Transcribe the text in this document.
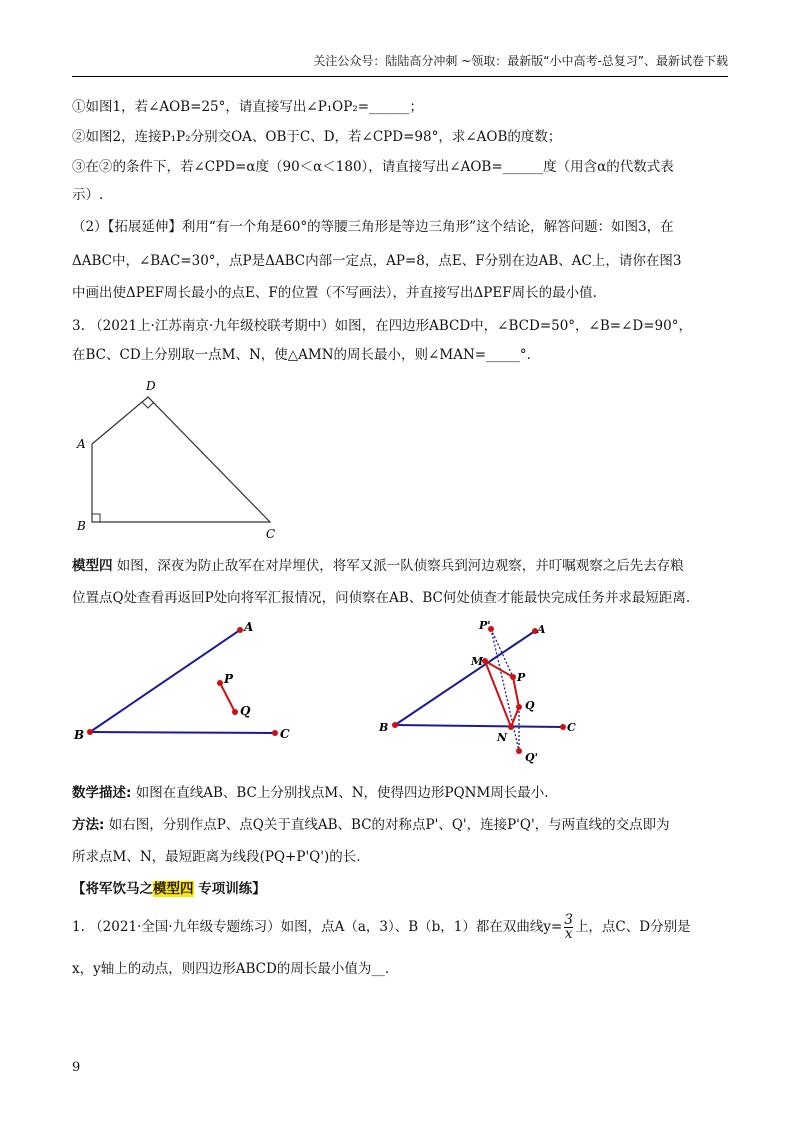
关注公众号：陆陆高分冲刺 ~领取：最新版“小中高考-总复习”、最新试卷下载
①如图1，若∠AOB=25°，请直接写出∠P₁OP₂=______；
②如图2，连接P₁P₂分别交OA、OB于C、D，若∠CPD=98°，求∠AOB的度数；
③在②的条件下，若∠CPD=α度（90＜α＜180），请直接写出∠AOB=______度（用含α的代数式表
示）.
（2）【拓展延伸】利用“有一个角是60°的等腰三角形是等边三角形”这个结论，解答问题：如图3，在
ΔABC中，∠BAC=30°，点P是ΔABC内部一定点，AP=8，点E、F分别在边AB、AC上，请你在图3
中画出使ΔPEF周长最小的点E、F的位置（不写画法），并直接写出ΔPEF周长的最小值.
3. （2021上·江苏南京·九年级校联考期中）如图，在四边形ABCD中，∠BCD=50°，∠B=∠D=90°，
在BC、CD上分别取一点M、N，使△AMN的周长最小，则∠MAN=_____°.
D
A
B
C
模型四 如图，深夜为防止敌军在对岸埋伏，将军又派一队侦察兵到河边观察，并叮嘱观察之后先去存粮
位置点Q处查看再返回P处向将军汇报情况，问侦察在AB、BC何处侦查才能最快完成任务并求最短距离.
A
B	C
P
Q
P'	A
M
P
Q
B	C
N
Q'
数学描述: 如图在直线AB、BC上分别找点M、N，使得四边形PQNM周长最小.
方法: 如右图，分别作点P、点Q关于直线AB、BC的对称点P'、Q'，连接P'Q'，与两直线的交点即为
所求点M、N，最短距离为线段(PQ+P'Q')的长.
【将军饮马之模型四 专项训练】
1. （2021·全国·九年级专题练习）如图，点A（a，3）、B（b，1）都在双曲线$y= \frac{3}{x}$ 上，点C、D分别是
x，y轴上的动点，则四边形ABCD的周长最小值为__.
9
